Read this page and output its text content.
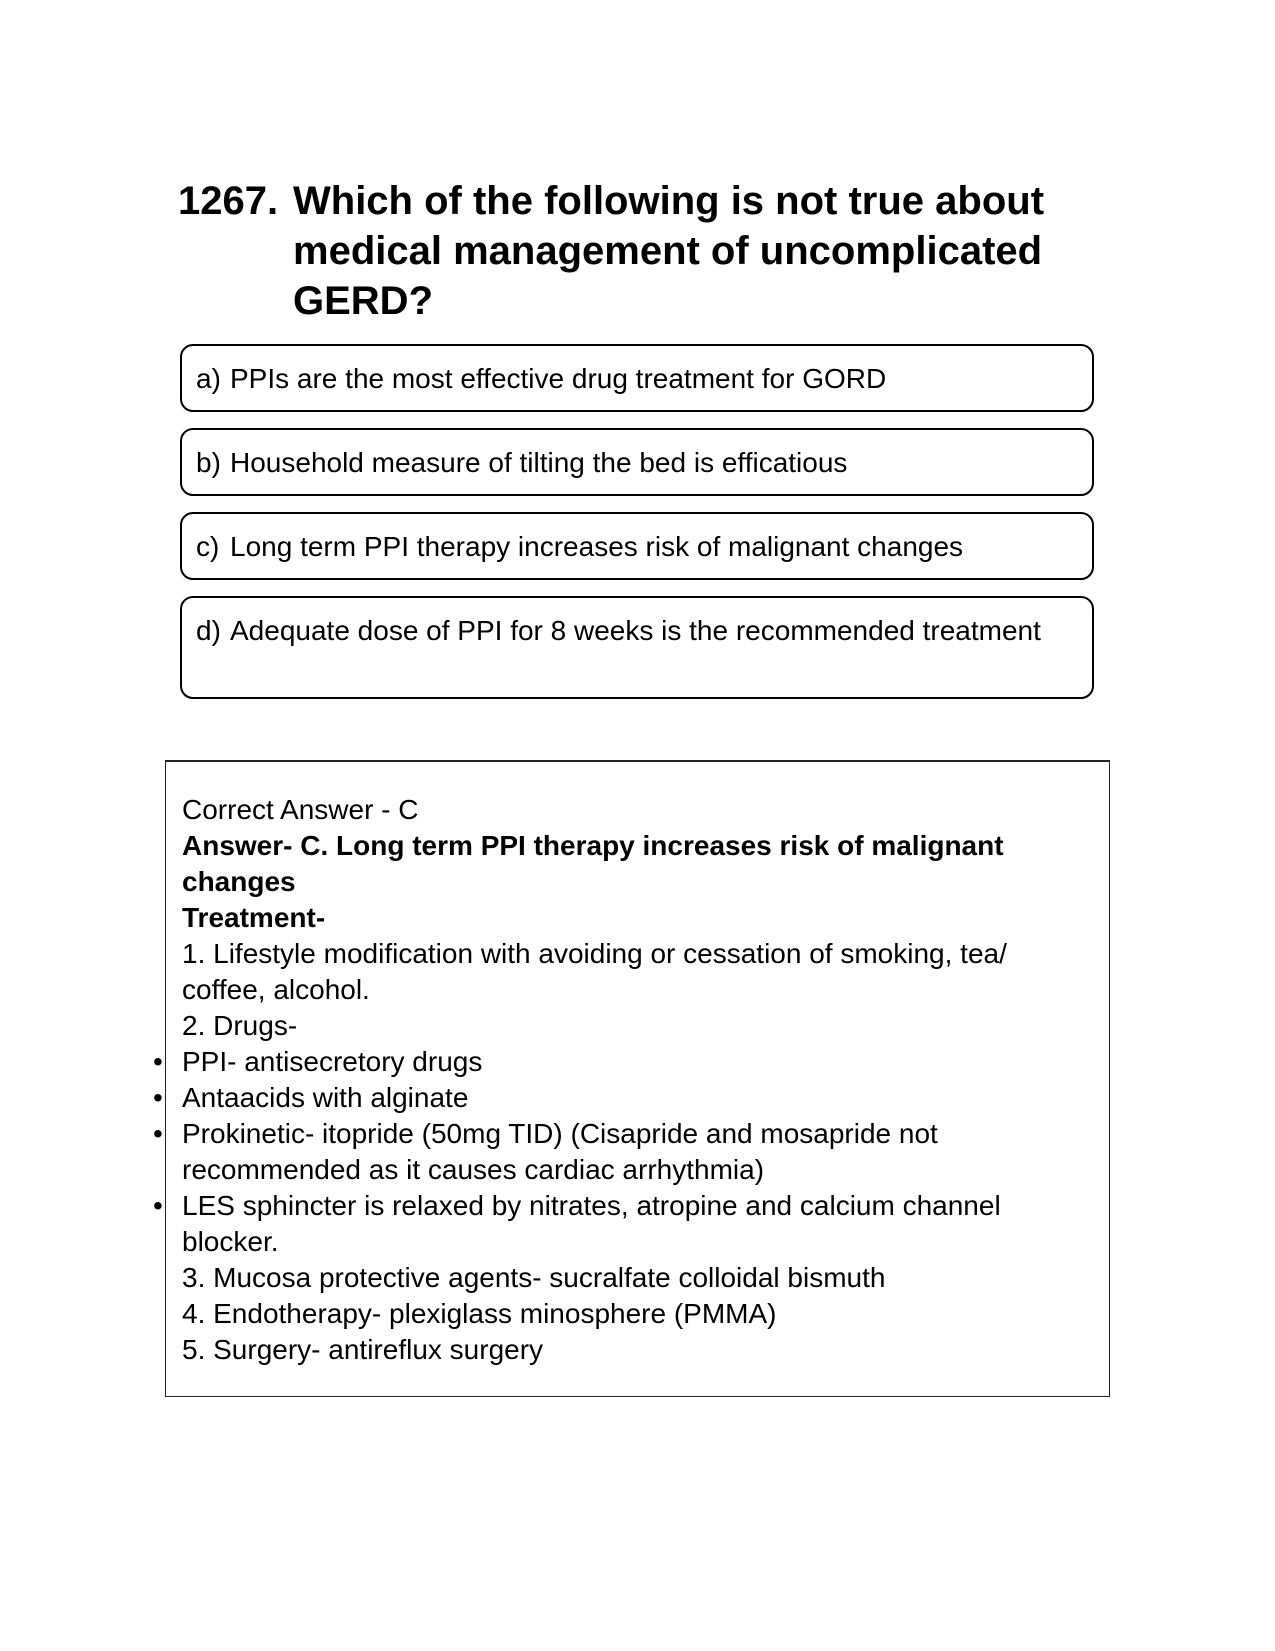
1267. Which of the following is not true about medical management of uncomplicated GERD?
a) PPIs are the most effective drug treatment for GORD
b) Household measure of tilting the bed is efficatious
c) Long term PPI therapy increases risk of malignant changes
d) Adequate dose of PPI for 8 weeks is the recommended treatment
Correct Answer - C
Answer- C. Long term PPI therapy increases risk of malignant changes
Treatment-
1. Lifestyle modification with avoiding or cessation of smoking, tea/ coffee, alcohol.
2. Drugs-
• PPI- antisecretory drugs
• Antaacids with alginate
• Prokinetic- itopride (50mg TID) (Cisapride and mosapride not recommended as it causes cardiac arrhythmia)
• LES sphincter is relaxed by nitrates, atropine and calcium channel blocker.
3. Mucosa protective agents- sucralfate colloidal bismuth
4. Endotherapy- plexiglass minosphere (PMMA)
5. Surgery- antireflux surgery
